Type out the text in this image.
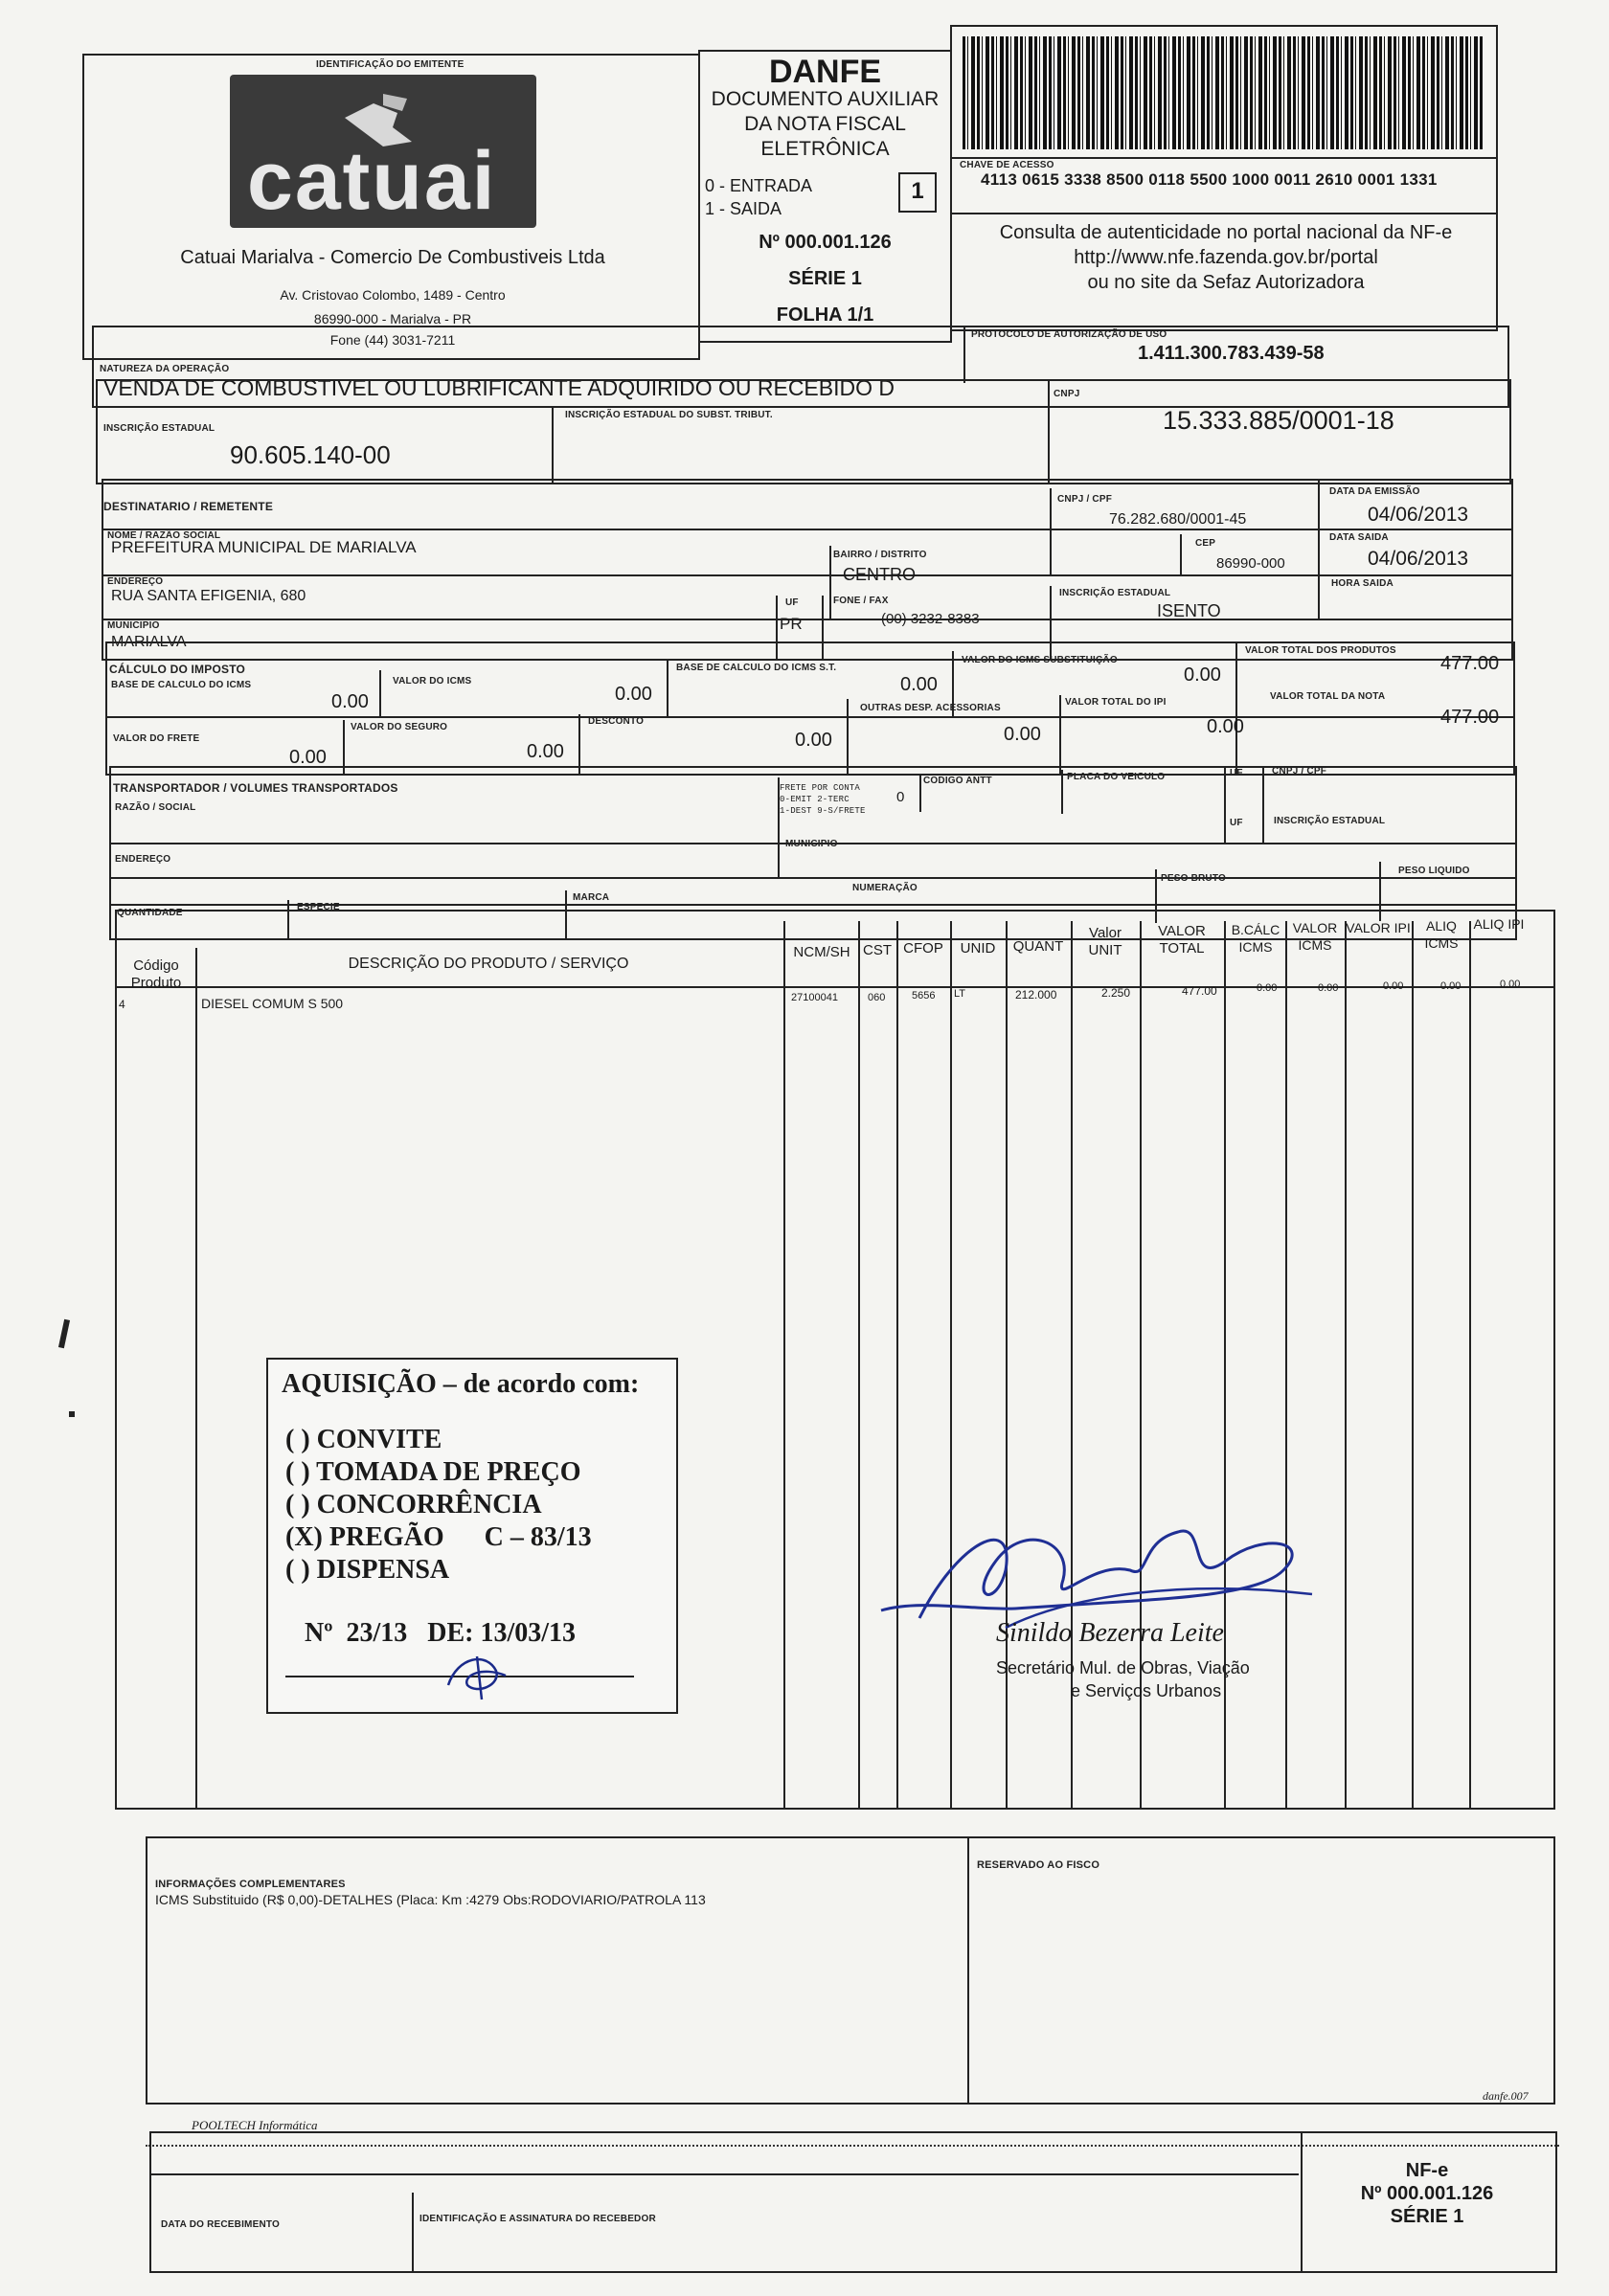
IDENTIFICAÇÃO DO EMITENTE
catuai
Catuai Marialva - Comercio De Combustiveis Ltda
Av. Cristovao Colombo, 1489 - Centro
86990-000 - Marialva - PR
Fone (44) 3031-7211
DANFE
DOCUMENTO AUXILIAR
DA NOTA FISCAL
ELETRÔNICA
0 - ENTRADA
1 - SAIDA
1
Nº 000.001.126
SÉRIE 1
FOLHA 1/1
CHAVE DE ACESSO
4113 0615 3338 8500 0118 5500 1000 0011 2610 0001 1331
Consulta de autenticidade no portal nacional da NF-e
http://www.nfe.fazenda.gov.br/portal
ou no site da Sefaz Autorizadora
NATUREZA DA OPERAÇÃO
VENDA DE COMBUSTIVEL OU LUBRIFICANTE ADQUIRIDO OU RECEBIDO D
PROTOCOLO DE AUTORIZAÇÃO DE USO
1.411.300.783.439-58
INSCRIÇÃO ESTADUAL
90.605.140-00
INSCRIÇÃO ESTADUAL DO SUBST. TRIBUT.
CNPJ
15.333.885/0001-18
DESTINATARIO / REMETENTE
NOME / RAZÃO SOCIAL
PREFEITURA MUNICIPAL DE MARIALVA
CNPJ / CPF
76.282.680/0001-45
DATA DA EMISSÃO
04/06/2013
ENDEREÇO
RUA SANTA EFIGENIA, 680
BAIRRO / DISTRITO
CENTRO
CEP
86990-000
DATA SAIDA
04/06/2013
HORA SAIDA
MUNICIPIO
MARIALVA
UF
PR
FONE / FAX
(00) 3232-8383
INSCRIÇÃO ESTADUAL
ISENTO
CÁLCULO DO IMPOSTO
BASE DE CALCULO DO ICMS
0.00
VALOR DO ICMS
0.00
BASE DE CALCULO DO ICMS S.T.
0.00
VALOR DO ICMS SUBSTITUIÇÃO
0.00
VALOR TOTAL DOS PRODUTOS
477.00
VALOR DO FRETE
0.00
VALOR DO SEGURO
0.00
DESCONTO
0.00
OUTRAS DESP. ACESSORIAS
0.00
VALOR TOTAL DO IPI
0.00
VALOR TOTAL DA NOTA
477.00
TRANSPORTADOR / VOLUMES TRANSPORTADOS
RAZÃO / SOCIAL
FRETE POR CONTA
0-EMIT 2-TERC
1-DEST 9-S/FRETE
0
CODIGO ANTT	PLACA DO VEICULO	UF	CNPJ / CPF
ENDEREÇO
MUNICIPIO
UF	INSCRIÇÃO ESTADUAL
QUANTIDADE
ESPECIE
MARCA
NUMERAÇÃO
PESO BRUTO
PESO LIQUIDO
Código Produto
DESCRIÇÃO DO PRODUTO / SERVIÇO
NCM/SH CST CFOP	UNID	QUANT
Valor UNIT
VALOR TOTAL
B.CÁLC ICMS
VALOR ICMS
VALOR IPI	ALIQ ICMS
ALIQ IPI
4	DIESEL COMUM S 500	27100041	060	5656 LT	212.000	2.250	477.00	0.00	0.00	0.00	0.00	0.00
AQUISIÇÃO – de acordo com:
( ) CONVITE
( ) TOMADA DE PREÇO
( ) CONCORRÊNCIA
(X) PREGÃO      C – 83/13
( ) DISPENSA
Nº  23/13   DE: 13/03/13	Sinildo Bezerra Leite
Secretário Mul. de Obras, Viação
e Serviços Urbanos
INFORMAÇÕES COMPLEMENTARES
ICMS Substituido (R$ 0,00)-DETALHES (Placa: Km :4279 Obs:RODOVIARIO/PATROLA 113
RESERVADO AO FISCO
danfe.007
POOLTECH Informática
DATA DO RECEBIMENTO
IDENTIFICAÇÃO E ASSINATURA DO RECEBEDOR
NF-e
Nº 000.001.126
SÉRIE 1
